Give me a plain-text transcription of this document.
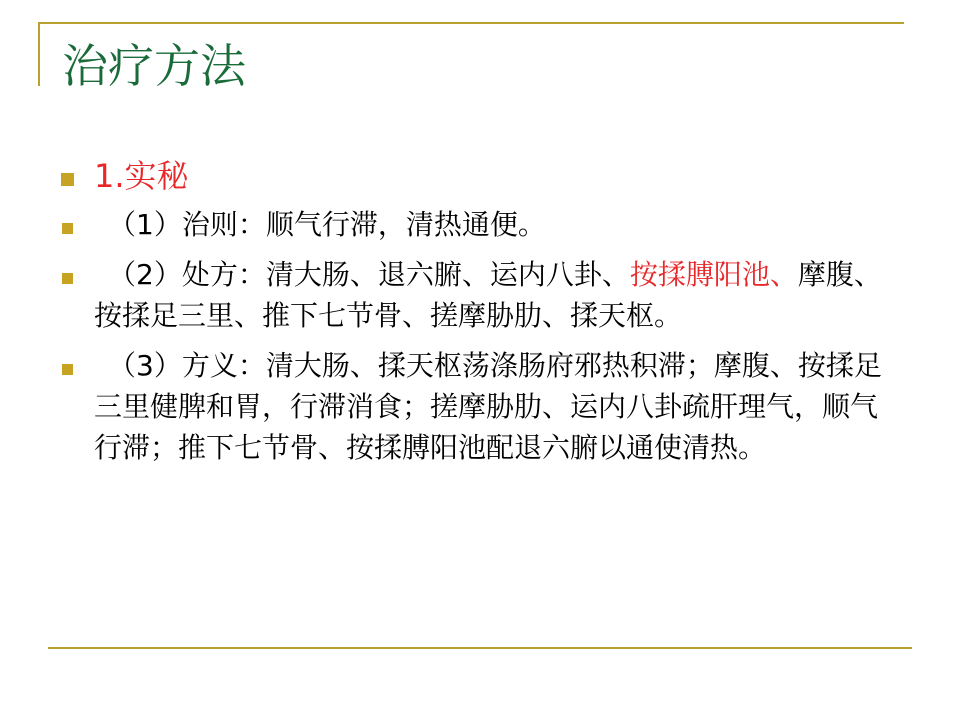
治疗方法
1.实秘
　（1）治则：顺气行滞，清热通便。
　（2）处方：清大肠、退六腑、运内八卦、按揉膊阳池、摩腹、按揉足三里、推下七节骨、搓摩胁肋、揉天枢。
　（3）方义：清大肠、揉天枢荡涤肠府邪热积滞；摩腹、按揉足三里健脾和胃，行滞消食；搓摩胁肋、运内八卦疏肝理气，顺气行滞；推下七节骨、按揉膊阳池配退六腑以通使清热。
